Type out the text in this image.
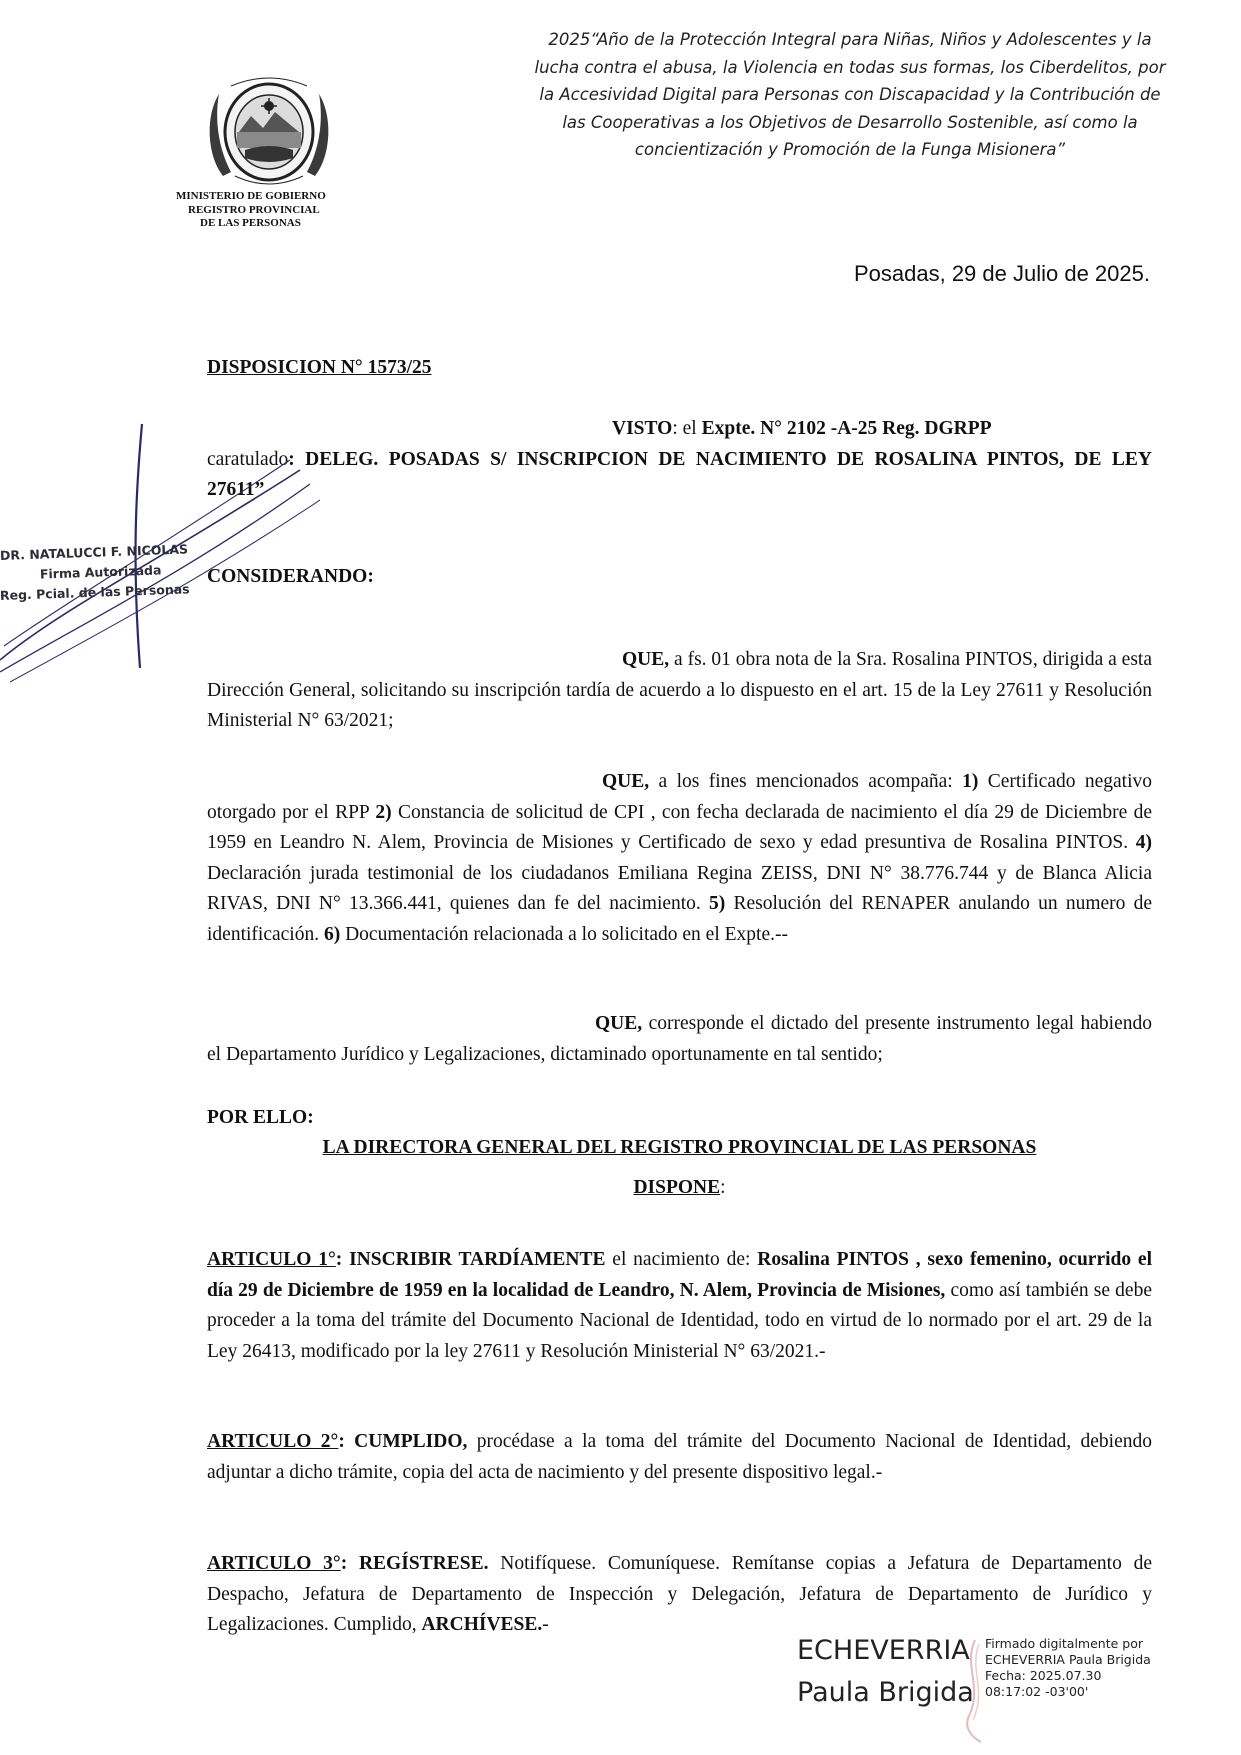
2025“Año de la Protección Integral para Niñas, Niños y Adolescentes y la
lucha contra el abusa, la Violencia en todas sus formas, los Ciberdelitos, por
la Accesividad Digital para Personas con Discapacidad y la Contribución de
las Cooperativas a los Objetivos de Desarrollo Sostenible, así como la
concientización y Promoción de la Funga Misionera”
MINISTERIO DE GOBIERNO
REGISTRO PROVINCIAL
DE LAS PERSONAS
Posadas, 29 de Julio de 2025.
DISPOSICION N° 1573/25
VISTO: el Expte. N° 2102 -A-25 Reg. DGRPP
caratulado: DELEG. POSADAS S/ INSCRIPCION DE NACIMIENTO DE ROSALINA PINTOS, DE LEY 27611”
DR. NATALUCCI F. NICOLAS
Firma Autorizada
Reg. Pcial. de las Personas
CONSIDERANDO:
QUE, a fs. 01 obra nota de la Sra. Rosalina PINTOS, dirigida a esta Dirección General, solicitando su inscripción tardía de acuerdo a lo dispuesto en el art. 15 de la Ley 27611 y Resolución Ministerial N° 63/2021;
QUE, a los fines mencionados acompaña: 1) Certificado negativo otorgado por el RPP 2) Constancia de solicitud de CPI , con fecha declarada de nacimiento el día 29 de Diciembre de 1959 en Leandro N. Alem, Provincia de Misiones y Certificado de sexo y edad presuntiva de Rosalina PINTOS. 4) Declaración jurada testimonial de los ciudadanos Emiliana Regina ZEISS, DNI N° 38.776.744 y de Blanca Alicia RIVAS, DNI N° 13.366.441, quienes dan fe del nacimiento. 5) Resolución del RENAPER anulando un numero de identificación. 6) Documentación relacionada a lo solicitado en el Expte.--
QUE, corresponde el dictado del presente instrumento legal habiendo el Departamento Jurídico y Legalizaciones, dictaminado oportunamente en tal sentido;
POR ELLO:
LA DIRECTORA GENERAL DEL REGISTRO PROVINCIAL DE LAS PERSONAS
DISPONE:
ARTICULO 1°: INSCRIBIR TARDÍAMENTE el nacimiento de: Rosalina PINTOS , sexo femenino, ocurrido el día 29 de Diciembre de 1959 en la localidad de Leandro, N. Alem, Provincia de Misiones, como así también se debe proceder a la toma del trámite del Documento Nacional de Identidad, todo en virtud de lo normado por el art. 29 de la Ley 26413, modificado por la ley 27611 y Resolución Ministerial N° 63/2021.-
ARTICULO 2°: CUMPLIDO, procédase a la toma del trámite del Documento Nacional de Identidad, debiendo adjuntar a dicho trámite, copia del acta de nacimiento y del presente dispositivo legal.-
ARTICULO 3°: REGÍSTRESE. Notifíquese. Comuníquese. Remítanse copias a Jefatura de Departamento de Despacho, Jefatura de Departamento de Inspección y Delegación, Jefatura de Departamento de Jurídico y Legalizaciones. Cumplido, ARCHÍVESE.-
ECHEVERRIA
Paula Brigida
Firmado digitalmente por
ECHEVERRIA Paula Brigida
Fecha: 2025.07.30
08:17:02 -03'00'
